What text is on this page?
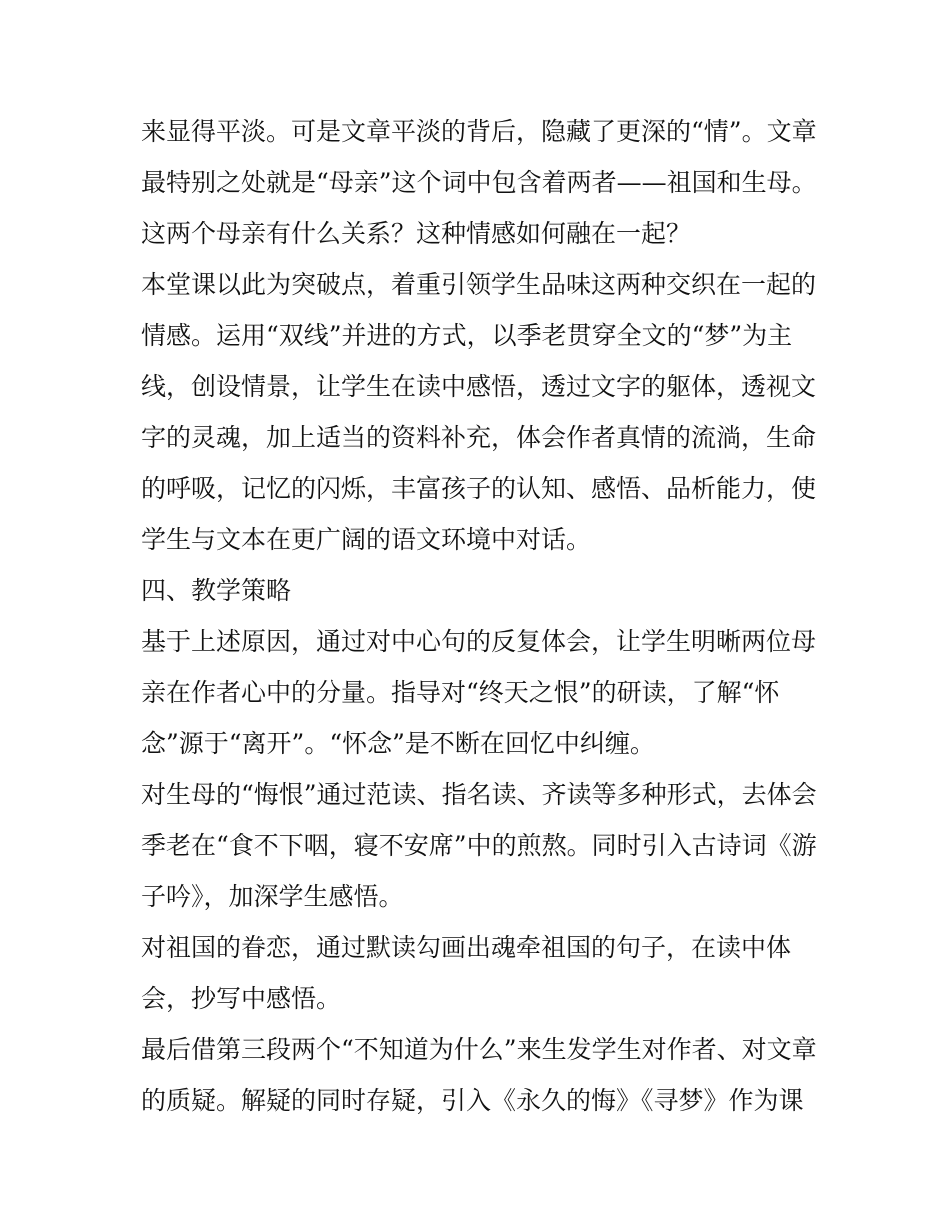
来显得平淡。可是文章平淡的背后，隐藏了更深的“情”。文章最特别之处就是“母亲”这个词中包含着两者——祖国和生母。这两个母亲有什么关系？这种情感如何融在一起？

本堂课以此为突破点，着重引领学生品味这两种交织在一起的情感。运用“双线”并进的方式，以季老贯穿全文的“梦”为主线，创设情景，让学生在读中感悟，透过文字的躯体，透视文字的灵魂，加上适当的资料补充，体会作者真情的流淌，生命的呼吸，记忆的闪烁，丰富孩子的认知、感悟、品析能力，使学生与文本在更广阔的语文环境中对话。

四、教学策略

基于上述原因，通过对中心句的反复体会，让学生明晰两位母亲在作者心中的分量。指导对“终天之恨”的研读，了解“怀念”源于“离开”。“怀念”是不断在回忆中纠缠。

对生母的“悔恨”通过范读、指名读、齐读等多种形式，去体会季老在“食不下咽，寝不安席”中的煎熬。同时引入古诗词《游子吟》，加深学生感悟。

对祖国的眷恋，通过默读勾画出魂牵祖国的句子，在读中体会，抄写中感悟。

最后借第三段两个“不知道为什么”来生发学生对作者、对文章的质疑。解疑的同时存疑，引入《永久的悔》《寻梦》作为课
